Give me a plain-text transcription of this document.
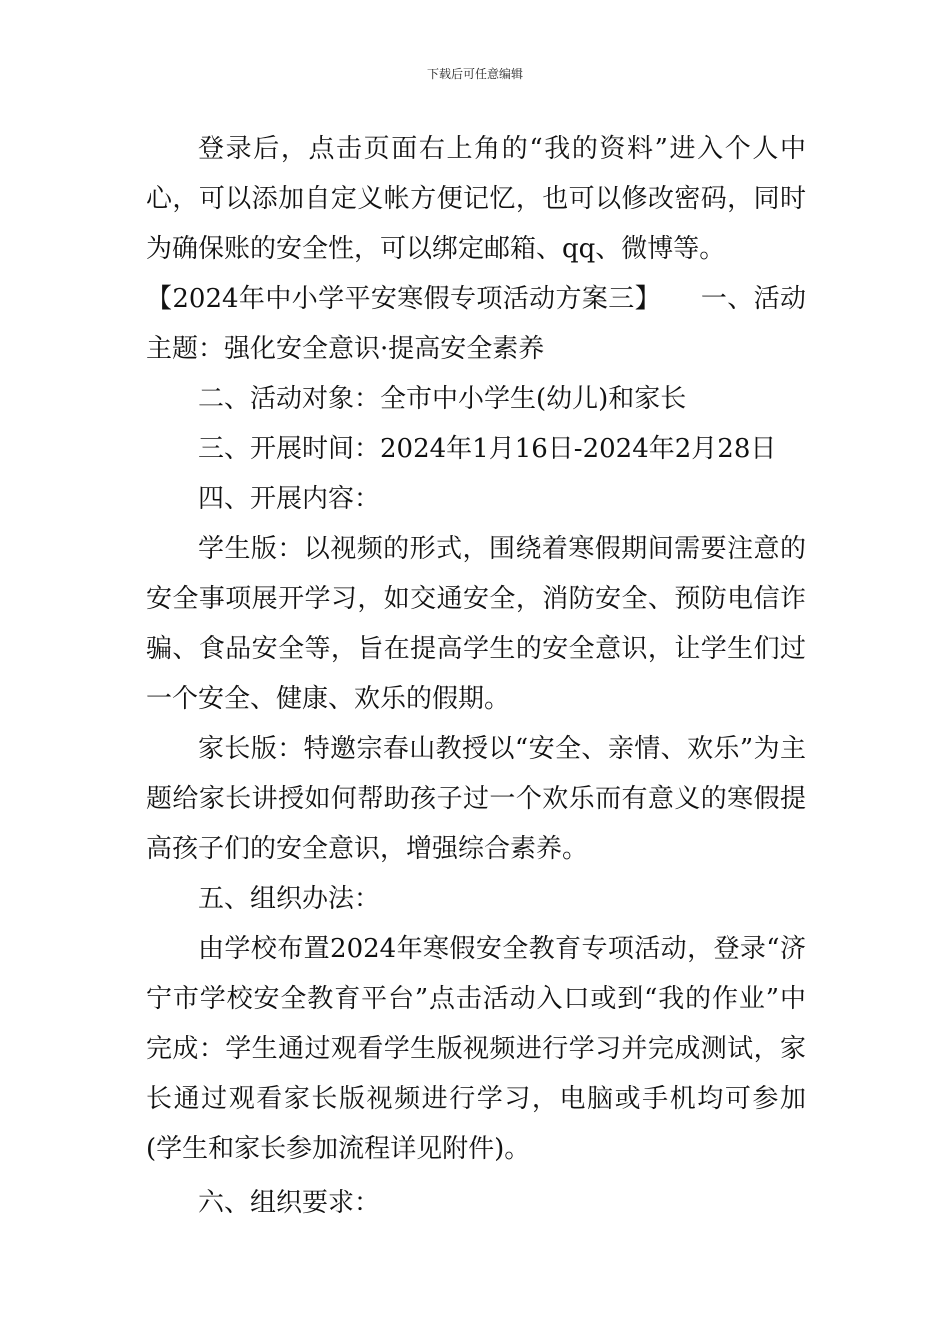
下载后可任意编辑

登录后，点击页面右上角的“我的资料”进入个人中心，可以添加自定义帐方便记忆，也可以修改密码，同时为确保账的安全性，可以绑定邮箱、qq、微博等。

【2024年中小学平安寒假专项活动方案三】　　一、活动主题：强化安全意识·提高安全素养

二、活动对象：全市中小学生(幼儿)和家长

三、开展时间：2024年1月16日-2024年2月28日

四、开展内容：

学生版：以视频的形式，围绕着寒假期间需要注意的安全事项展开学习，如交通安全，消防安全、预防电信诈骗、食品安全等，旨在提高学生的安全意识，让学生们过一个安全、健康、欢乐的假期。

家长版：特邀宗春山教授以“安全、亲情、欢乐”为主题给家长讲授如何帮助孩子过一个欢乐而有意义的寒假提高孩子们的安全意识，增强综合素养。

五、组织办法：

由学校布置2024年寒假安全教育专项活动，登录“济宁市学校安全教育平台”点击活动入口或到“我的作业”中完成：学生通过观看学生版视频进行学习并完成测试，家长通过观看家长版视频进行学习，电脑或手机均可参加(学生和家长参加流程详见附件)。

六、组织要求：
